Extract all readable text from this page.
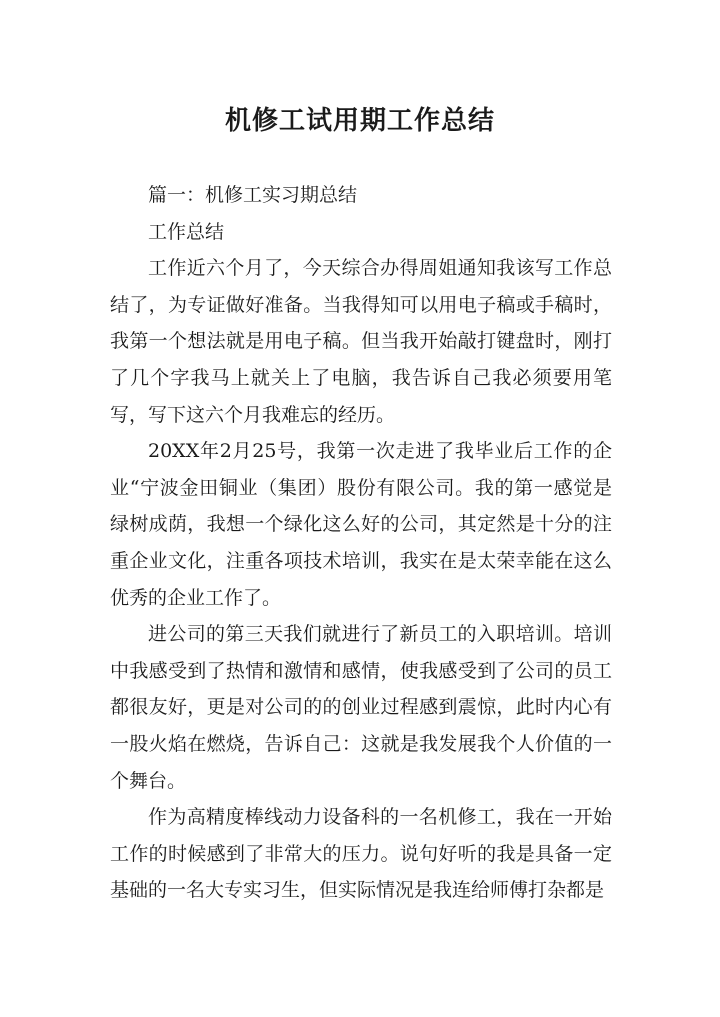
机修工试用期工作总结

篇一：机修工实习期总结

工作总结

工作近六个月了，今天综合办得周姐通知我该写工作总结了，为专证做好准备。当我得知可以用电子稿或手稿时，我第一个想法就是用电子稿。但当我开始敲打键盘时，刚打了几个字我马上就关上了电脑，我告诉自己我必须要用笔写，写下这六个月我难忘的经历。

20XX年2月25号，我第一次走进了我毕业后工作的企业“宁波金田铜业（集团）股份有限公司。我的第一感觉是绿树成荫，我想一个绿化这么好的公司，其定然是十分的注重企业文化，注重各项技术培训，我实在是太荣幸能在这么优秀的企业工作了。

进公司的第三天我们就进行了新员工的入职培训。培训中我感受到了热情和激情和感情，使我感受到了公司的员工都很友好，更是对公司的的创业过程感到震惊，此时内心有一股火焰在燃烧，告诉自己：这就是我发展我个人价值的一个舞台。

作为高精度棒线动力设备科的一名机修工，我在一开始工作的时候感到了非常大的压力。说句好听的我是具备一定基础的一名大专实习生，但实际情况是我连给师傅打杂都是
